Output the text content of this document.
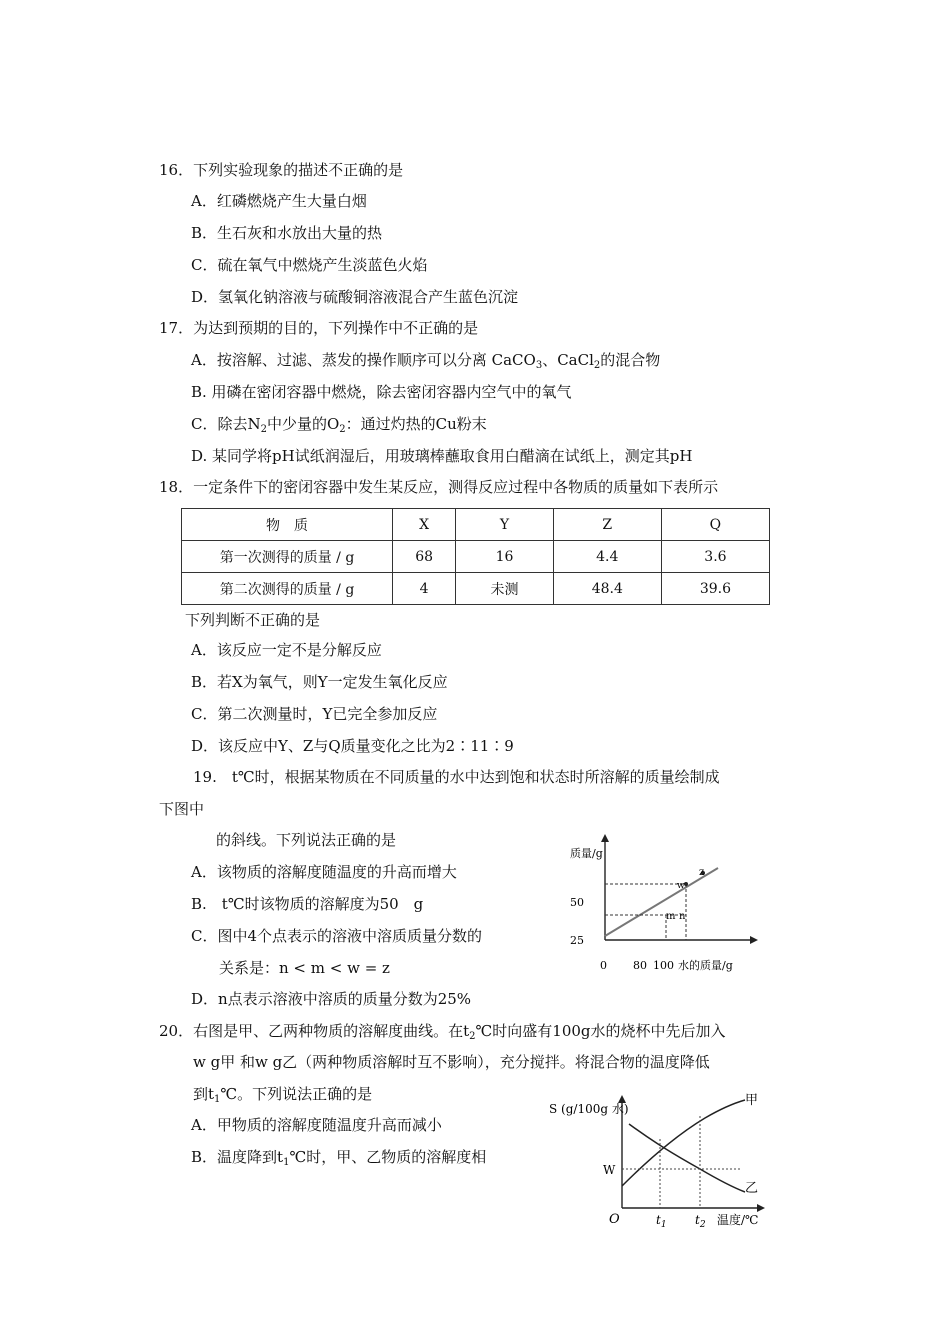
16．下列实验现象的描述不正确的是
A．红磷燃烧产生大量白烟
B．生石灰和水放出大量的热
C．硫在氧气中燃烧产生淡蓝色火焰
D．氢氧化钠溶液与硫酸铜溶液混合产生蓝色沉淀
17．为达到预期的目的，下列操作中不正确的是
A．按溶解、过滤、蒸发的操作顺序可以分离 CaCO$_3$、CaCl$_2$的混合物
B. 用磷在密闭容器中燃烧，除去密闭容器内空气中的氧气
C．除去$N_2$中少量的$O_2$：通过灼热的Cu粉末
D. 某同学将pH试纸润湿后，用玻璃棒蘸取食用白醋滴在试纸上，测定其pH
18．一定条件下的密闭容器中发生某反应，测得反应过程中各物质的质量如下表所示
物　质	X	Y	Z	Q
第一次测得的质量 / g	68	16	4.4	3.6
第二次测得的质量 / g	4	未测	48.4	39.6
下列判断不正确的是
A．该反应一定不是分解反应
B．若X为氧气，则Y一定发生氧化反应
C．第二次测量时，Y已完全参加反应
D．该反应中Y、Z与Q质量变化之比为2∶11∶9
19.　t℃时，根据某物质在不同质量的水中达到饱和状态时所溶解的质量绘制成
下图中
的斜线。下列说法正确的是
A．该物质的溶解度随温度的升高而增大
B.　t℃时该物质的溶解度为50　g
C．图中4个点表示的溶液中溶质质量分数的
关系是：n < m < w = z
D．n点表示溶液中溶质的质量分数为25%
质量/g
50
25
0 80 100 水的质量/g
z
w
m n
20．右图是甲、乙两种物质的溶解度曲线。在$t_2℃$时向盛有100g水的烧杯中先后加入
w g甲 和w g乙（两种物质溶解时互不影响），充分搅拌。将混合物的温度降低
到$t_1℃$。下列说法正确的是
A．甲物质的溶解度随温度升高而减小
B．温度降到$t_1℃$时，甲、乙物质的溶解度相
S (g/100g 水)
甲
乙
W
O	$t_1$ $t_2$ 温度/℃
